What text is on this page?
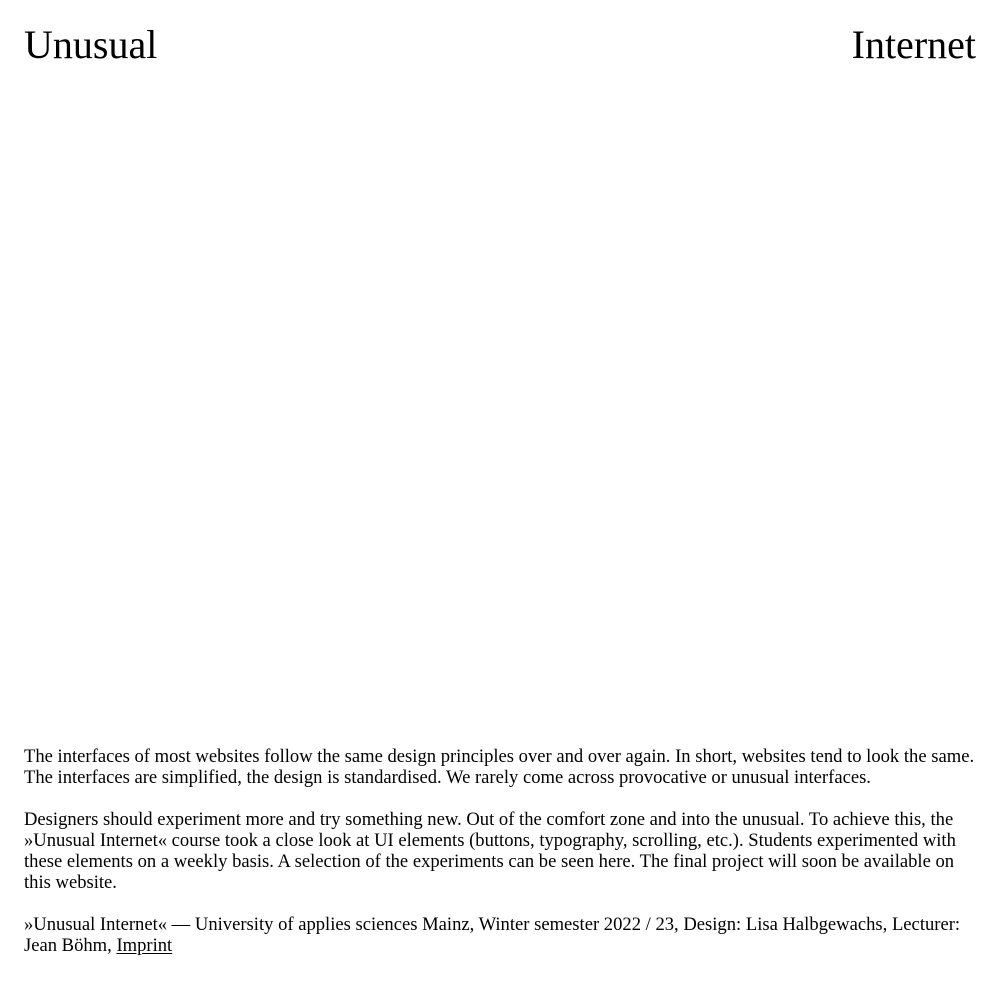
Unusual	Internet

The interfaces of most websites follow the same design principles over and over again. In short, websites tend to look the same. The interfaces are simplified, the design is standardised. We rarely come across provocative or unusual interfaces.

Designers should experiment more and try something new. Out of the comfort zone and into the unusual. To achieve this, the »Unusual Internet« course took a close look at UI elements (buttons, typography, scrolling, etc.). Students experimented with these elements on a weekly basis. A selection of the experiments can be seen here. The final project will soon be available on this website.

»Unusual Internet« — University of applies sciences Mainz, Winter semester 2022 / 23, Design: Lisa Halbgewachs, Lecturer: Jean Böhm, Imprint
